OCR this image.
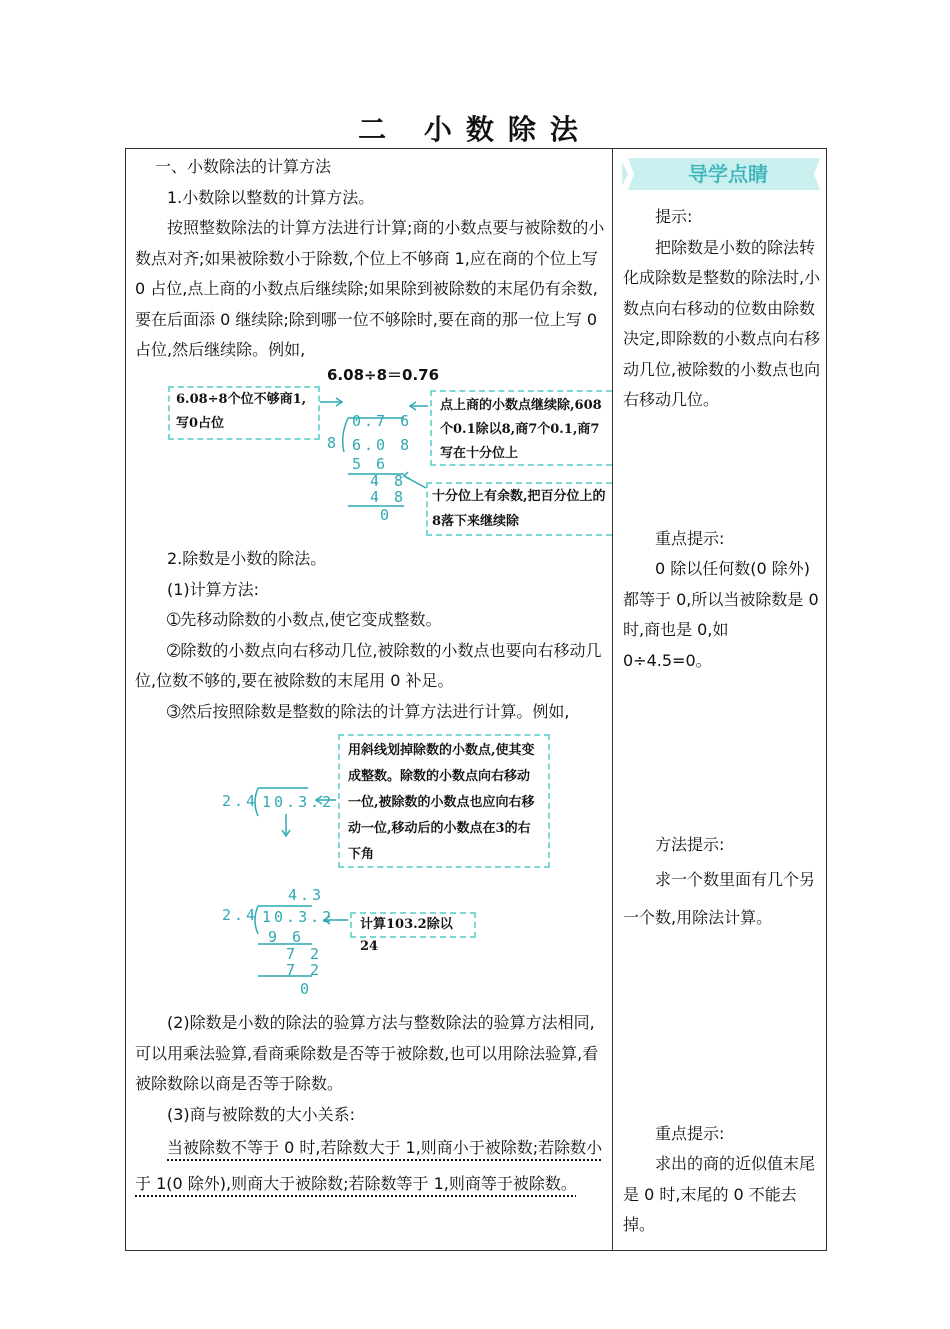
二 小数除法
导学点睛

一、小数除法的计算方法

1.小数除以整数的计算方法。

按照整数除法的计算方法进行计算;商的小数点要与被除数的小数点对齐;如果被除数小于除数,个位上不够商 1,应在商的个位上写 0 占位,点上商的小数点后继续除;如果除到被除数的末尾仍有余数,要在后面添 0 继续除;除到哪一位不够除时,要在商的那一位上写 0 占位,然后继续除。例如,

6.08÷8＝0.76
6.08÷8个位不够商1,写0占位
点上商的小数点继续除,608个0.1除以8,商7个0.1,商7写在十分位上
十分位上有余数,把百分位上的8落下来继续除
0.7 6
8 6.0 8
5 6
4 8
4 8
0

2.除数是小数的除法。

(1)计算方法:

➀先移动除数的小数点,使它变成整数。

➁除数的小数点向右移动几位,被除数的小数点也要向右移动几位,位数不够的,要在被除数的末尾用 0 补足。

➂然后按照除数是整数的除法的计算方法进行计算。例如,

2.4 10.3.2
用斜线划掉除数的小数点,使其变成整数。除数的小数点向右移动一位,被除数的小数点也应向右移动一位,移动后的小数点在3的右下角
4.3
2.4 10.3.2
9 6
7 2
7 2
0
计算103.2除以24

(2)除数是小数的除法的验算方法与整数除法的验算方法相同,可以用乘法验算,看商乘除数是否等于被除数,也可以用除法验算,看被除数除以商是否等于除数。

(3)商与被除数的大小关系:

当被除数不等于 0 时,若除数大于 1,则商小于被除数;若除数小于 1(0 除外),则商大于被除数;若除数等于 1,则商等于被除数。

提示:

把除数是小数的除法转化成除数是整数的除法时,小数点向右移动的位数由除数决定,即除数的小数点向右移动几位,被除数的小数点也向右移动几位。

重点提示:

0 除以任何数(0 除外)都等于 0,所以当被除数是 0 时,商也是 0,如 0÷4.5=0。

方法提示:

求一个数里面有几个另一个数,用除法计算。

重点提示:

求出的商的近似值末尾是 0 时,末尾的 0 不能去掉。
